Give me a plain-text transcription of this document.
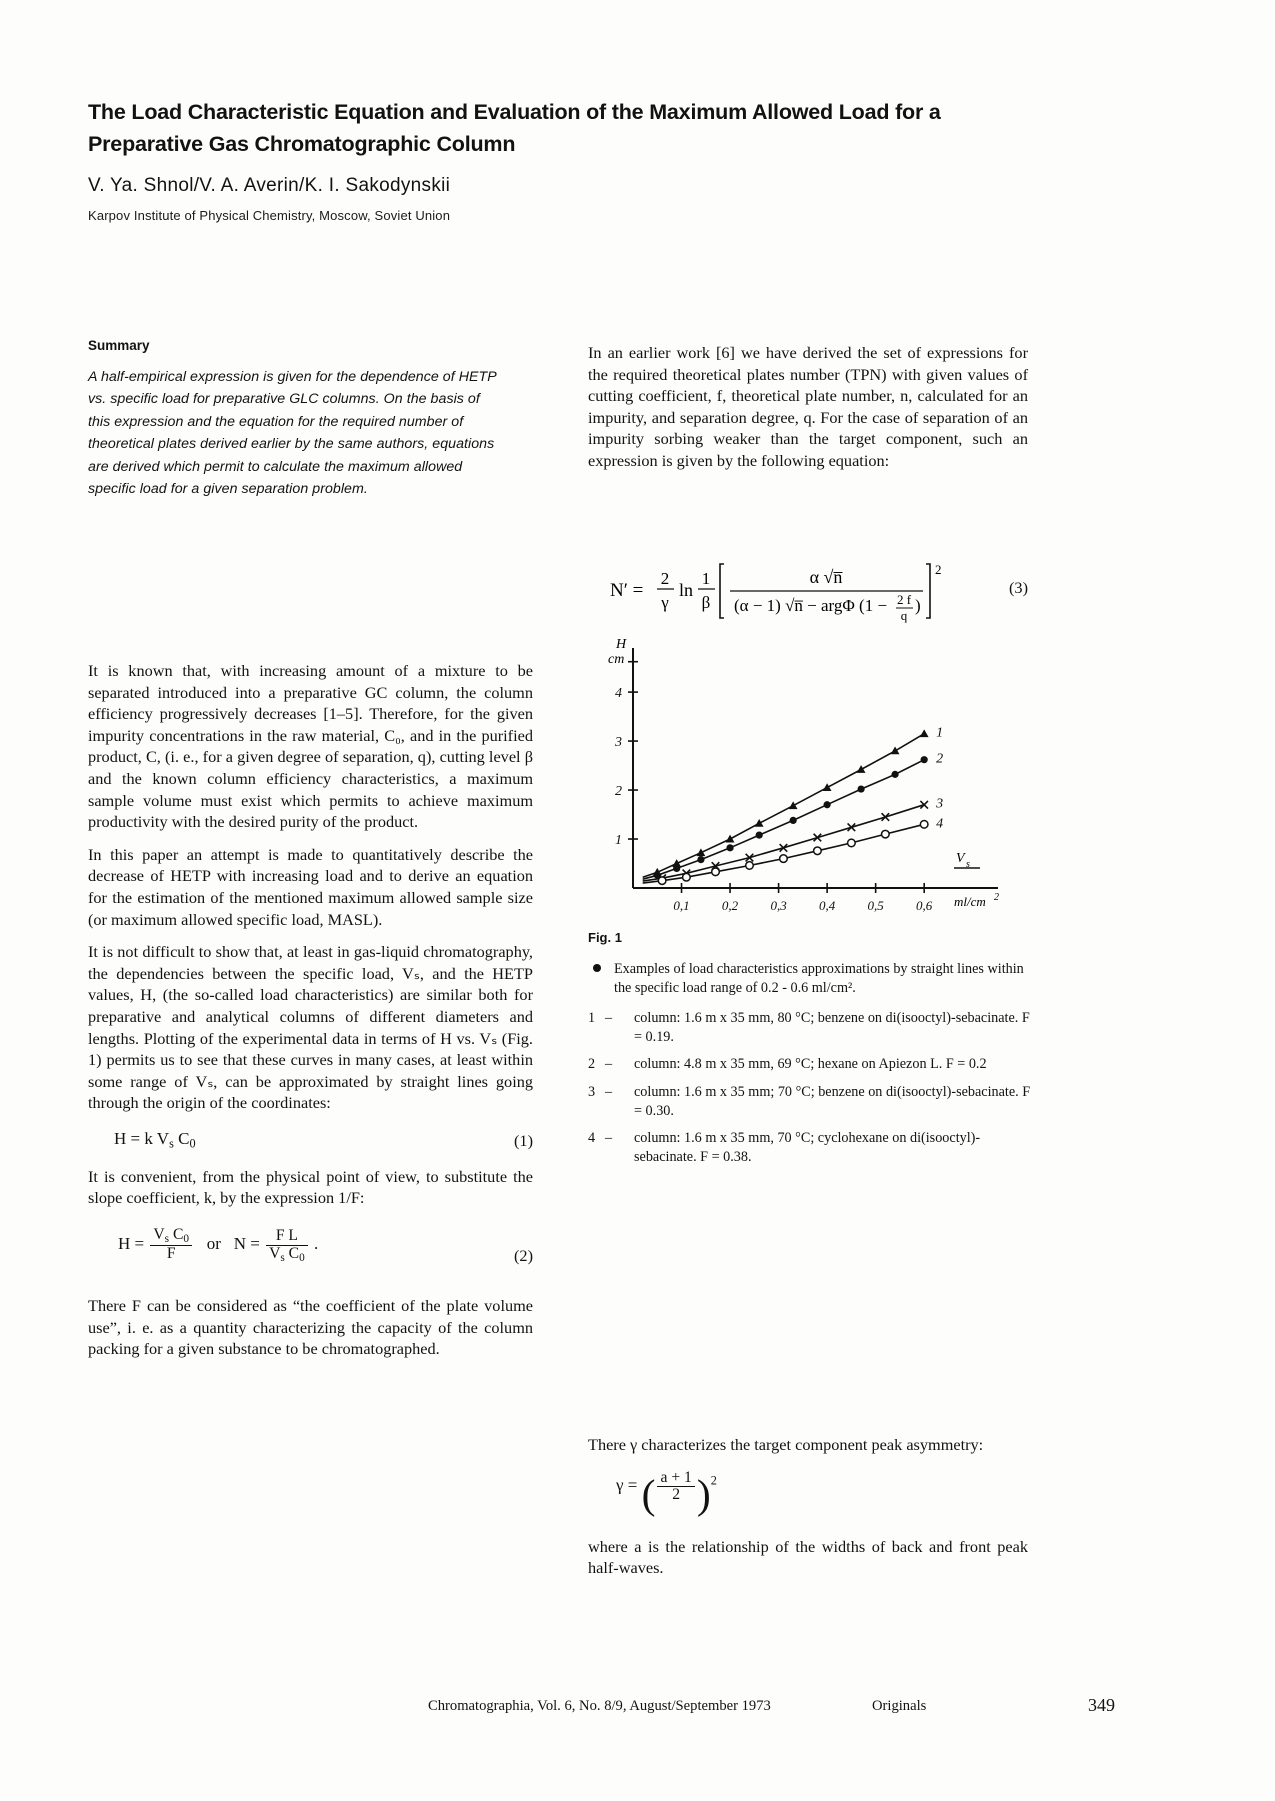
The Load Characteristic Equation and Evaluation of the Maximum Allowed Load for a Preparative Gas Chromatographic Column
V. Ya. Shnol/V. A. Averin/K. I. Sakodynskii
Karpov Institute of Physical Chemistry, Moscow, Soviet Union
Summary

A half-empirical expression is given for the dependence of HETP vs. specific load for preparative GLC columns. On the basis of this expression and the equation for the required number of theoretical plates derived earlier by the same authors, equations are derived which permit to calculate the maximum allowed specific load for a given separation problem.

It is known that, with increasing amount of a mixture to be separated introduced into a preparative GC column, the column efficiency progressively decreases [1–5]. Therefore, for the given impurity concentrations in the raw material, C₀, and in the purified product, C, (i. e., for a given degree of separation, q), cutting level β and the known column efficiency characteristics, a maximum sample volume must exist which permits to achieve maximum productivity with the desired purity of the product.

In this paper an attempt is made to quantitatively describe the decrease of HETP with increasing load and to derive an equation for the estimation of the mentioned maximum allowed sample size (or maximum allowed specific load, MASL).

It is not difficult to show that, at least in gas-liquid chromatography, the dependencies between the specific load, Vₛ, and the HETP values, H, (the so-called load characteristics) are similar both for preparative and analytical columns of different diameters and lengths. Plotting of the experimental data in terms of H vs. Vₛ (Fig. 1) permits us to see that these curves in many cases, at least within some range of Vₛ, can be approximated by straight lines going through the origin of the coordinates:

H = k $V_s$ $C_0$	(1)

It is convenient, from the physical point of view, to substitute the slope coefficient, k, by the expression 1/F:

$H = \frac{V_s C_0}{F}$ or   $N = \frac{\text{F L}}{V_s C_0}$ .
(2)

There F can be considered as “the coefficient of the plate volume use”, i. e. as a quantity characterizing the capacity of the column packing for a given substance to be chromatographed.

In an earlier work [6] we have derived the set of expressions for the required theoretical plates number (TPN) with given values of cutting coefficient, f, theoretical plate number, n, calculated for an impurity, and separation degree, q. For the case of separation of an impurity sorbing weaker than the target component, such an expression is given by the following equation:

N′ =
2
γ
ln
1
β
α √n̅
(α − 1) √n̅ − argΦ (1 − 2 f
q
)
2
(3)
1
2
3
4
0,1 0,2 0,3 0,4 0,5 0,6
1
2
3
4
H
cm
V s
ml/cm 2
Fig. 1
Examples of load characteristics approximations by straight lines within the specific load range of 0.2 - 0.6 ml/cm².
1 –	column: 1.6 m x 35 mm, 80 °C; benzene on di(isooctyl)-sebacinate. F = 0.19.
2 –	column: 4.8 m x 35 mm, 69 °C; hexane on Apiezon L. F = 0.2
3 –	column: 1.6 m x 35 mm; 70 °C; benzene on di(isooctyl)-sebacinate. F = 0.30.
4 –	column: 1.6 m x 35 mm, 70 °C; cyclohexane on di(isooctyl)-sebacinate. F = 0.38.

There γ characterizes the target component peak asymmetry:

γ = ( $\frac{a + 1}{2} )^2$

where a is the relationship of the widths of back and front peak half-waves.

Chromatographia, Vol. 6, No. 8/9, August/September 1973	Originals	349
